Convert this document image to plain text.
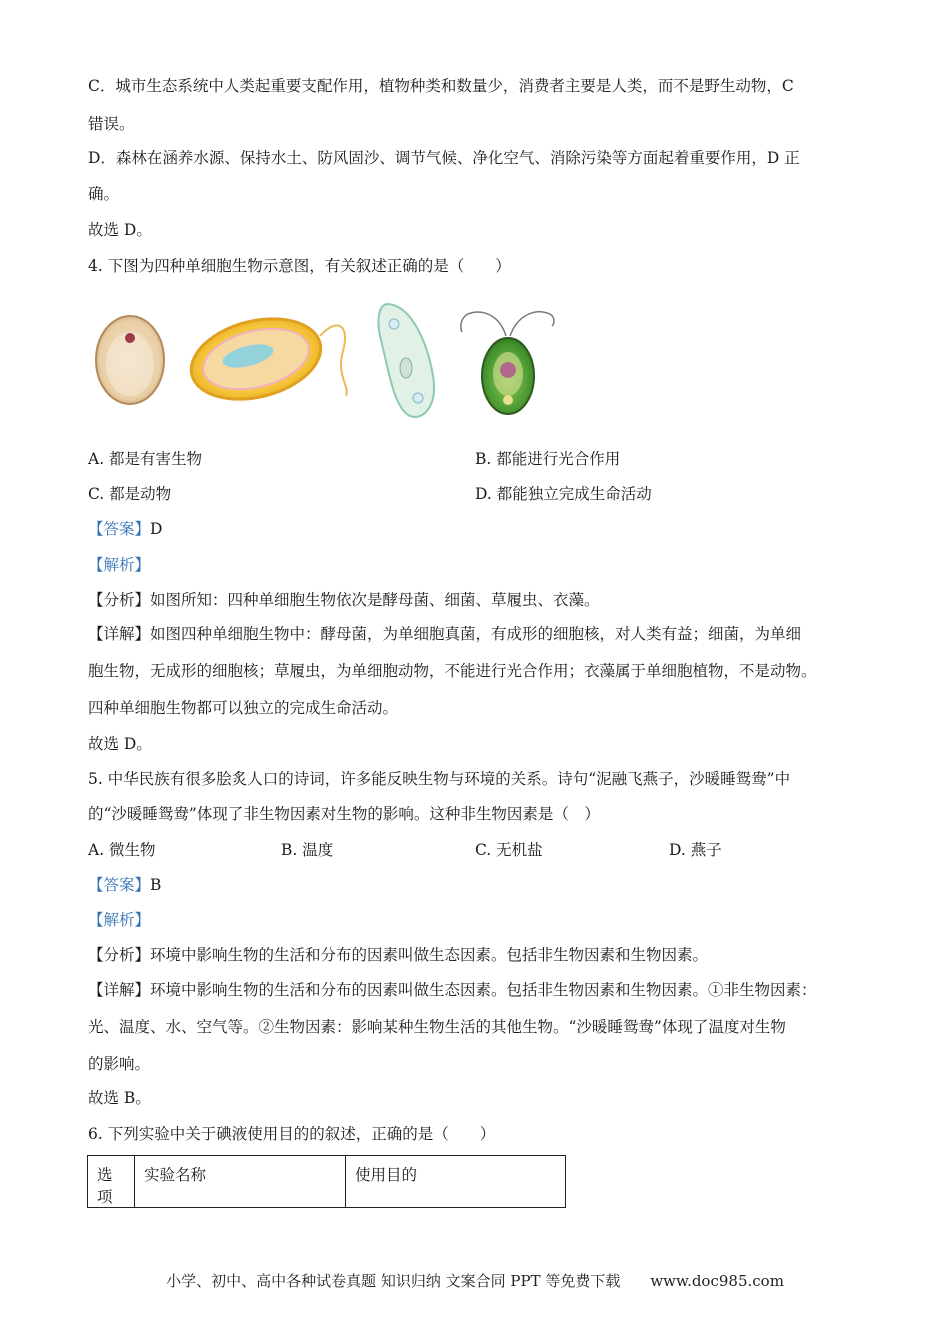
C．城市生态系统中人类起重要支配作用，植物种类和数量少，消费者主要是人类，而不是野生动物，C
错误。
D．森林在涵养水源、保持水土、防风固沙、调节气候、净化空气、消除污染等方面起着重要作用，D 正
确。
故选 D。
4. 下图为四种单细胞生物示意图，有关叙述正确的是（　　）
A. 都是有害生物	B. 都能进行光合作用
C. 都是动物	D. 都能独立完成生命活动
【答案】D
【解析】
【分析】如图所知：四种单细胞生物依次是酵母菌、细菌、草履虫、衣藻。
【详解】如图四种单细胞生物中：酵母菌，为单细胞真菌，有成形的细胞核，对人类有益；细菌，为单细
胞生物，无成形的细胞核；草履虫，为单细胞动物，不能进行光合作用；衣藻属于单细胞植物，不是动物。
四种单细胞生物都可以独立的完成生命活动。
故选 D。
5. 中华民族有很多脍炙人口的诗词，许多能反映生物与环境的关系。诗句“泥融飞燕子，沙暖睡鸳鸯”中
的“沙暖睡鸳鸯”体现了非生物因素对生物的影响。这种非生物因素是（　）
A. 微生物	B. 温度	C. 无机盐	D. 燕子
【答案】B
【解析】
【分析】环境中影响生物的生活和分布的因素叫做生态因素。包括非生物因素和生物因素。
【详解】环境中影响生物的生活和分布的因素叫做生态因素。包括非生物因素和生物因素。①非生物因素：
光、温度、水、空气等。②生物因素：影响某种生物生活的其他生物。“沙暖睡鸳鸯”体现了温度对生物
的影响。
故选 B。
6. 下列实验中关于碘液使用目的的叙述，正确的是（　　）
选项	实验名称	使用目的
小学、初中、高中各种试卷真题 知识归纳 文案合同 PPT 等免费下载　　www.doc985.com
